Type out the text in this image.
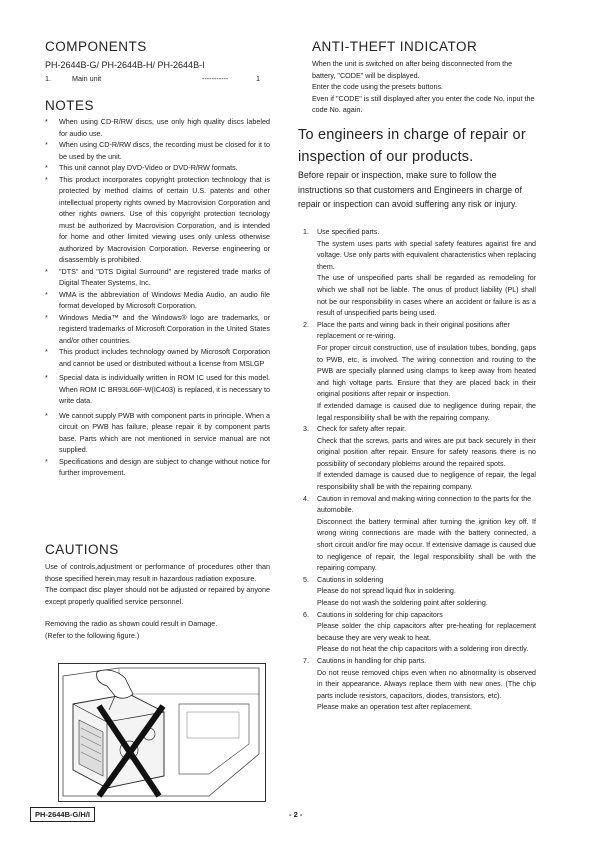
COMPONENTS
PH-2644B-G/ PH-2644B-H/ PH-2644B-I
1.	Main unit	-----------	1
NOTES
* When using CD-R/RW discs, use only high quality discs labeled for audio use.
* When using CD-R/RW discs, the recording must be closed for it to be used by the unit.
* This unit cannot play DVD-Video or DVD-R/RW formats.
* This product incorporates copyright protection technology that is protected by method claims of certain U.S. patents and other intellectual property rights owned by Macrovision Corporation and other rights owners. Use of this copyright protection tecnology must be authorized by Macrovision Corporation, and is intended for home and other limited viewing uses only unless otherwise authorized by Macrovision Corporation. Reverse engineering or disassembly is prohibited.
* "DTS" and "DTS Digital Surround" are registered trade marks of Digital Theater Systems, Inc.
* WMA is the abbreviation of Windows Media Audio, an audio file format developed by Microsoft Corporation.
* Windows Media™ and the Windows® logo are trademarks, or registerd trademarks of Microsoft Corporation in the United States and/or other countries.
* This product includes technology owned by Microsoft Corporation and cannot be used or distributed without a license from MSLGP
* Special data is individually written in ROM IC used for this model. When ROM IC BR93L66F-W(IC403) is replaced, it is necessary to write data.
* We cannot supply PWB with component parts in principle. When a circuit on PWB has failure, please repair it by component parts base. Parts which are not mentioned in service manual are not supplied.
* Specifications and design are subject to change without notice for further improvement.
CAUTIONS
Use of controls,adjustment or performance of procedures other than those specified herein,may result in hazardous radiation exposure.
The compact disc player should not be adjusted or repaired by anyone except properly qualified service personnel.
Removing the radio as shown could result in Damage.
(Refer to the following figure.)
ANTI-THEFT INDICATOR
When the unit is switched on after being disconnected from the battery, "CODE" will be displayed.
Enter the code using the presets buttons.
Even if "CODE" is still displayed after you enter the code No, input the code No. again.
To engineers in charge of repair or inspection of our products.
Before repair or inspection, make sure to follow the instructions so that customers and Engineers in charge of repair or inspection can avoid suffering any risk or injury.
1. Use specified parts.
The system uses parts with special safety features against fire and voltage. Use only parts with equivalent characteristics when replacing them.
The use of unspecified parts shall be regarded as remodeling for which we shall not be liable. The onus of product liability (PL) shall not be our responsibility in cases where an accident or failure is as a result of unspecified parts being used.
2. Place the parts and wiring back in their original positions after replacement or re-wiring.
For proper circuit construction, use of insulation tubes, bonding, gaps to PWB, etc, is involved. The wiring connection and routing to the PWB are specially planned using clamps to keep away from heated and high voltage parts. Ensure that they are placed back in their original positions after repair or inspection.
If extended damage is caused due to negligence during repair, the legal responsibility shall be with the repairing company.
3. Check for safety after repair.
Check that the screws, parts and wires are put back securely in their original position after repair. Ensure for safety reasons there is no possibility of secondary ploblems around the repaired spots.
If extended damage is caused due to negligence of repair, the legal responsibility shall be with the repairing company.
4. Caution in removal and making wiring connection to the parts for the automobile.
Disconnect the battery terminal after turning the ignition key off. If wrong wiring connections are made with the battery connected, a short circuit and/or fire may occur. If extensive damage is caused due to negligence of repair, the legal responsibility shall be with the repairing company.
5. Cautions in soldering
Please do not spread liquid flux in soldering.
Please do not wash the soldering point after soldering.
6. Cautions in soldering for chip capacitors
Please solder the chip capacitors after pre-heating for replacement because they are very weak to heat.
Please do not heat the chip capacitors with a soldering iron directly.
7. Cautions in handling for chip parts.
Do not reuse removed chips even when no abnormality is observed in their appearance. Always replace them with new ones. (The chip parts include resistors, capacitors, diodes, transistors, etc).
Please make an operation test after replacement.
PH-2644B-G/H/I	- 2 -
